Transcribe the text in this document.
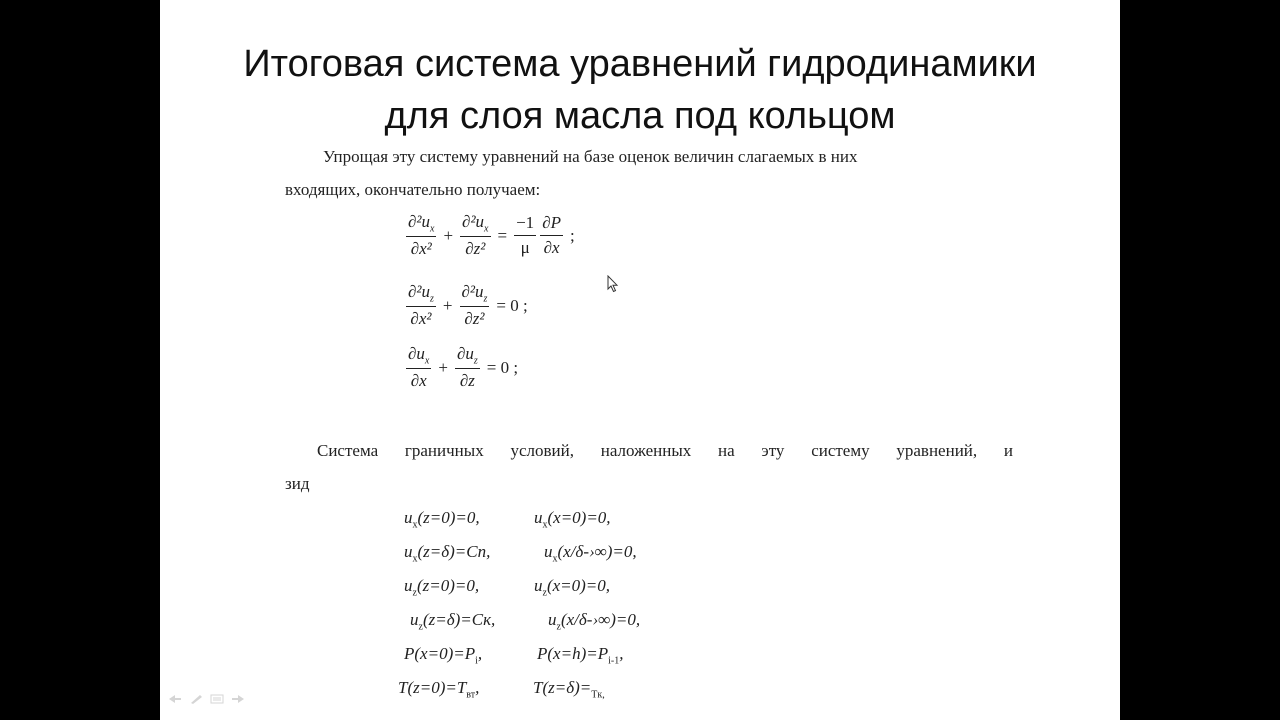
Итоговая система уравнений гидродинамики
для слоя масла под кольцом
Упрощая эту систему уравнений на базе оценок величин слагаемых в них
входящих, окончательно получаем:
$\frac{\partial^2u_x}{\text{∂x²}} + \frac{\partial^2u_x}{\text{∂z²}} = \frac{-1}{\mu} \frac{\partial P}{\partial x}$ ;
$\frac{\partial^2u_z}{\text{∂x²}} + \frac{\partial^2u_z}{\text{∂z²}} = 0$ ;
$\frac{\partial u_x}{\partial x} + \frac{\partial u_z}{\partial z} = 0$ ;
Система граничных условий, наложенных на эту систему уравнений, и
зид
$u_x(z=0)=0$,	$u_x(x=0)=0$,
$u_x(z=\delta)=Cп$,	$u_x(x/\delta-›\infty)=0$,
$u_z(z=0)=0$,	$u_z(x=0)=0$,
$u_z(z=\delta)=Cк$,	$u_z(x/\delta-›\infty)=0$,
$P(x=0)=P_i$,	$P(x=h)=P_{i-1}$,
$T(z=0)=T_{вт}$,	$T(z=\delta)=_{Tк,}$
